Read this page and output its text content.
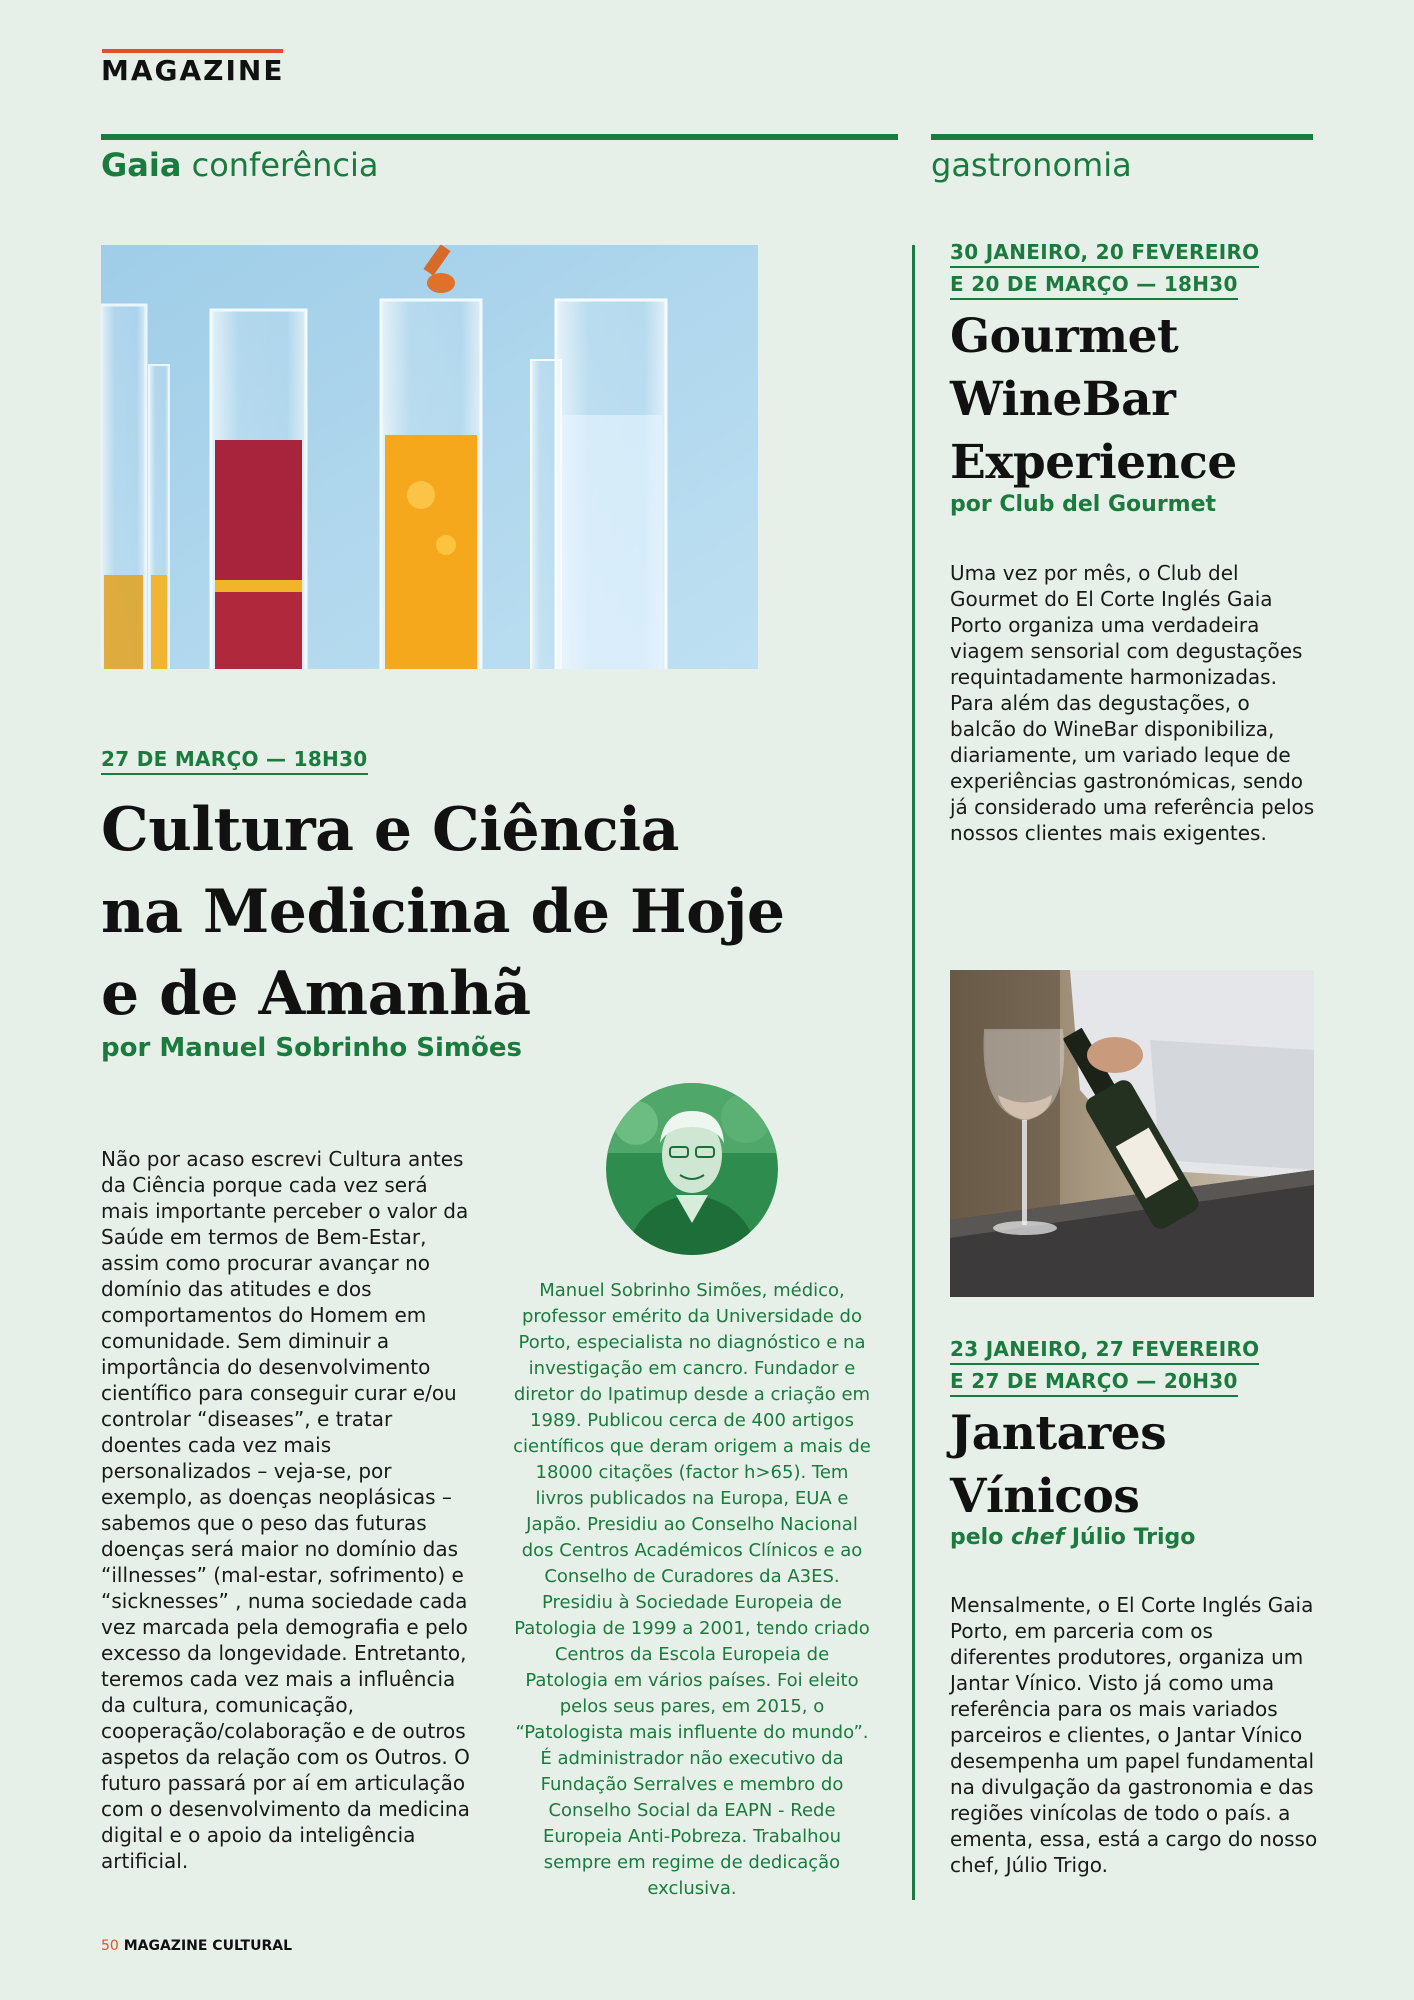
MAGAZINE
Gaia conferência	gastronomia
27 DE MARÇO — 18H30
Cultura e Ciência
na Medicina de Hoje
e de Amanhã
por Manuel Sobrinho Simões
Não por acaso escrevi Cultura antes da Ciência porque cada vez será mais importante perceber o valor da Saúde em termos de Bem-Estar, assim como procurar avançar no domínio das atitudes e dos comportamentos do Homem em comunidade. Sem diminuir a importância do desenvolvimento científico para conseguir curar e/ou controlar “diseases”, e tratar doentes cada vez mais personalizados – veja-se, por exemplo, as doenças neoplásicas – sabemos que o peso das futuras doenças será maior no domínio das “illnesses” (mal-estar, sofrimento) e “sicknesses” , numa sociedade cada vez marcada pela demografia e pelo excesso da longevidade. Entretanto, teremos cada vez mais a influência da cultura, comunicação, cooperação/colaboração e de outros aspetos da relação com os Outros. O futuro passará por aí em articulação com o desenvolvimento da medicina digital e o apoio da inteligência artificial.
Manuel Sobrinho Simões, médico, professor emérito da Universidade do Porto, especialista no diagnóstico e na investigação em cancro. Fundador e diretor do Ipatimup desde a criação em 1989. Publicou cerca de 400 artigos científicos que deram origem a mais de 18000 citações (factor h>65). Tem livros publicados na Europa, EUA e Japão. Presidiu ao Conselho Nacional dos Centros Académicos Clínicos e ao Conselho de Curadores da A3ES. Presidiu à Sociedade Europeia de Patologia de 1999 a 2001, tendo criado Centros da Escola Europeia de Patologia em vários países. Foi eleito pelos seus pares, em 2015, o “Patologista mais influente do mundo”. É administrador não executivo da Fundação Serralves e membro do Conselho Social da EAPN - Rede Europeia Anti-Pobreza. Trabalhou sempre em regime de dedicação exclusiva.
30 JANEIRO, 20 FEVEREIRO
E 20 DE MARÇO — 18H30
Gourmet
WineBar
Experience
por Club del Gourmet
Uma vez por mês, o Club del Gourmet do El Corte Inglés Gaia Porto organiza uma verdadeira viagem sensorial com degustações requintadamente harmonizadas. Para além das degustações, o balcão do WineBar disponibiliza, diariamente, um variado leque de experiências gastronómicas, sendo já considerado uma referência pelos nossos clientes mais exigentes.
23 JANEIRO, 27 FEVEREIRO
E 27 DE MARÇO — 20H30
Jantares
Vínicos
pelo chef Júlio Trigo
Mensalmente, o El Corte Inglés Gaia Porto, em parceria com os diferentes produtores, organiza um Jantar Vínico. Visto já como uma referência para os mais variados parceiros e clientes, o Jantar Vínico desempenha um papel fundamental na divulgação da gastronomia e das regiões vinícolas de todo o país. a ementa, essa, está a cargo do nosso chef, Júlio Trigo.
50 MAGAZINE CULTURAL
